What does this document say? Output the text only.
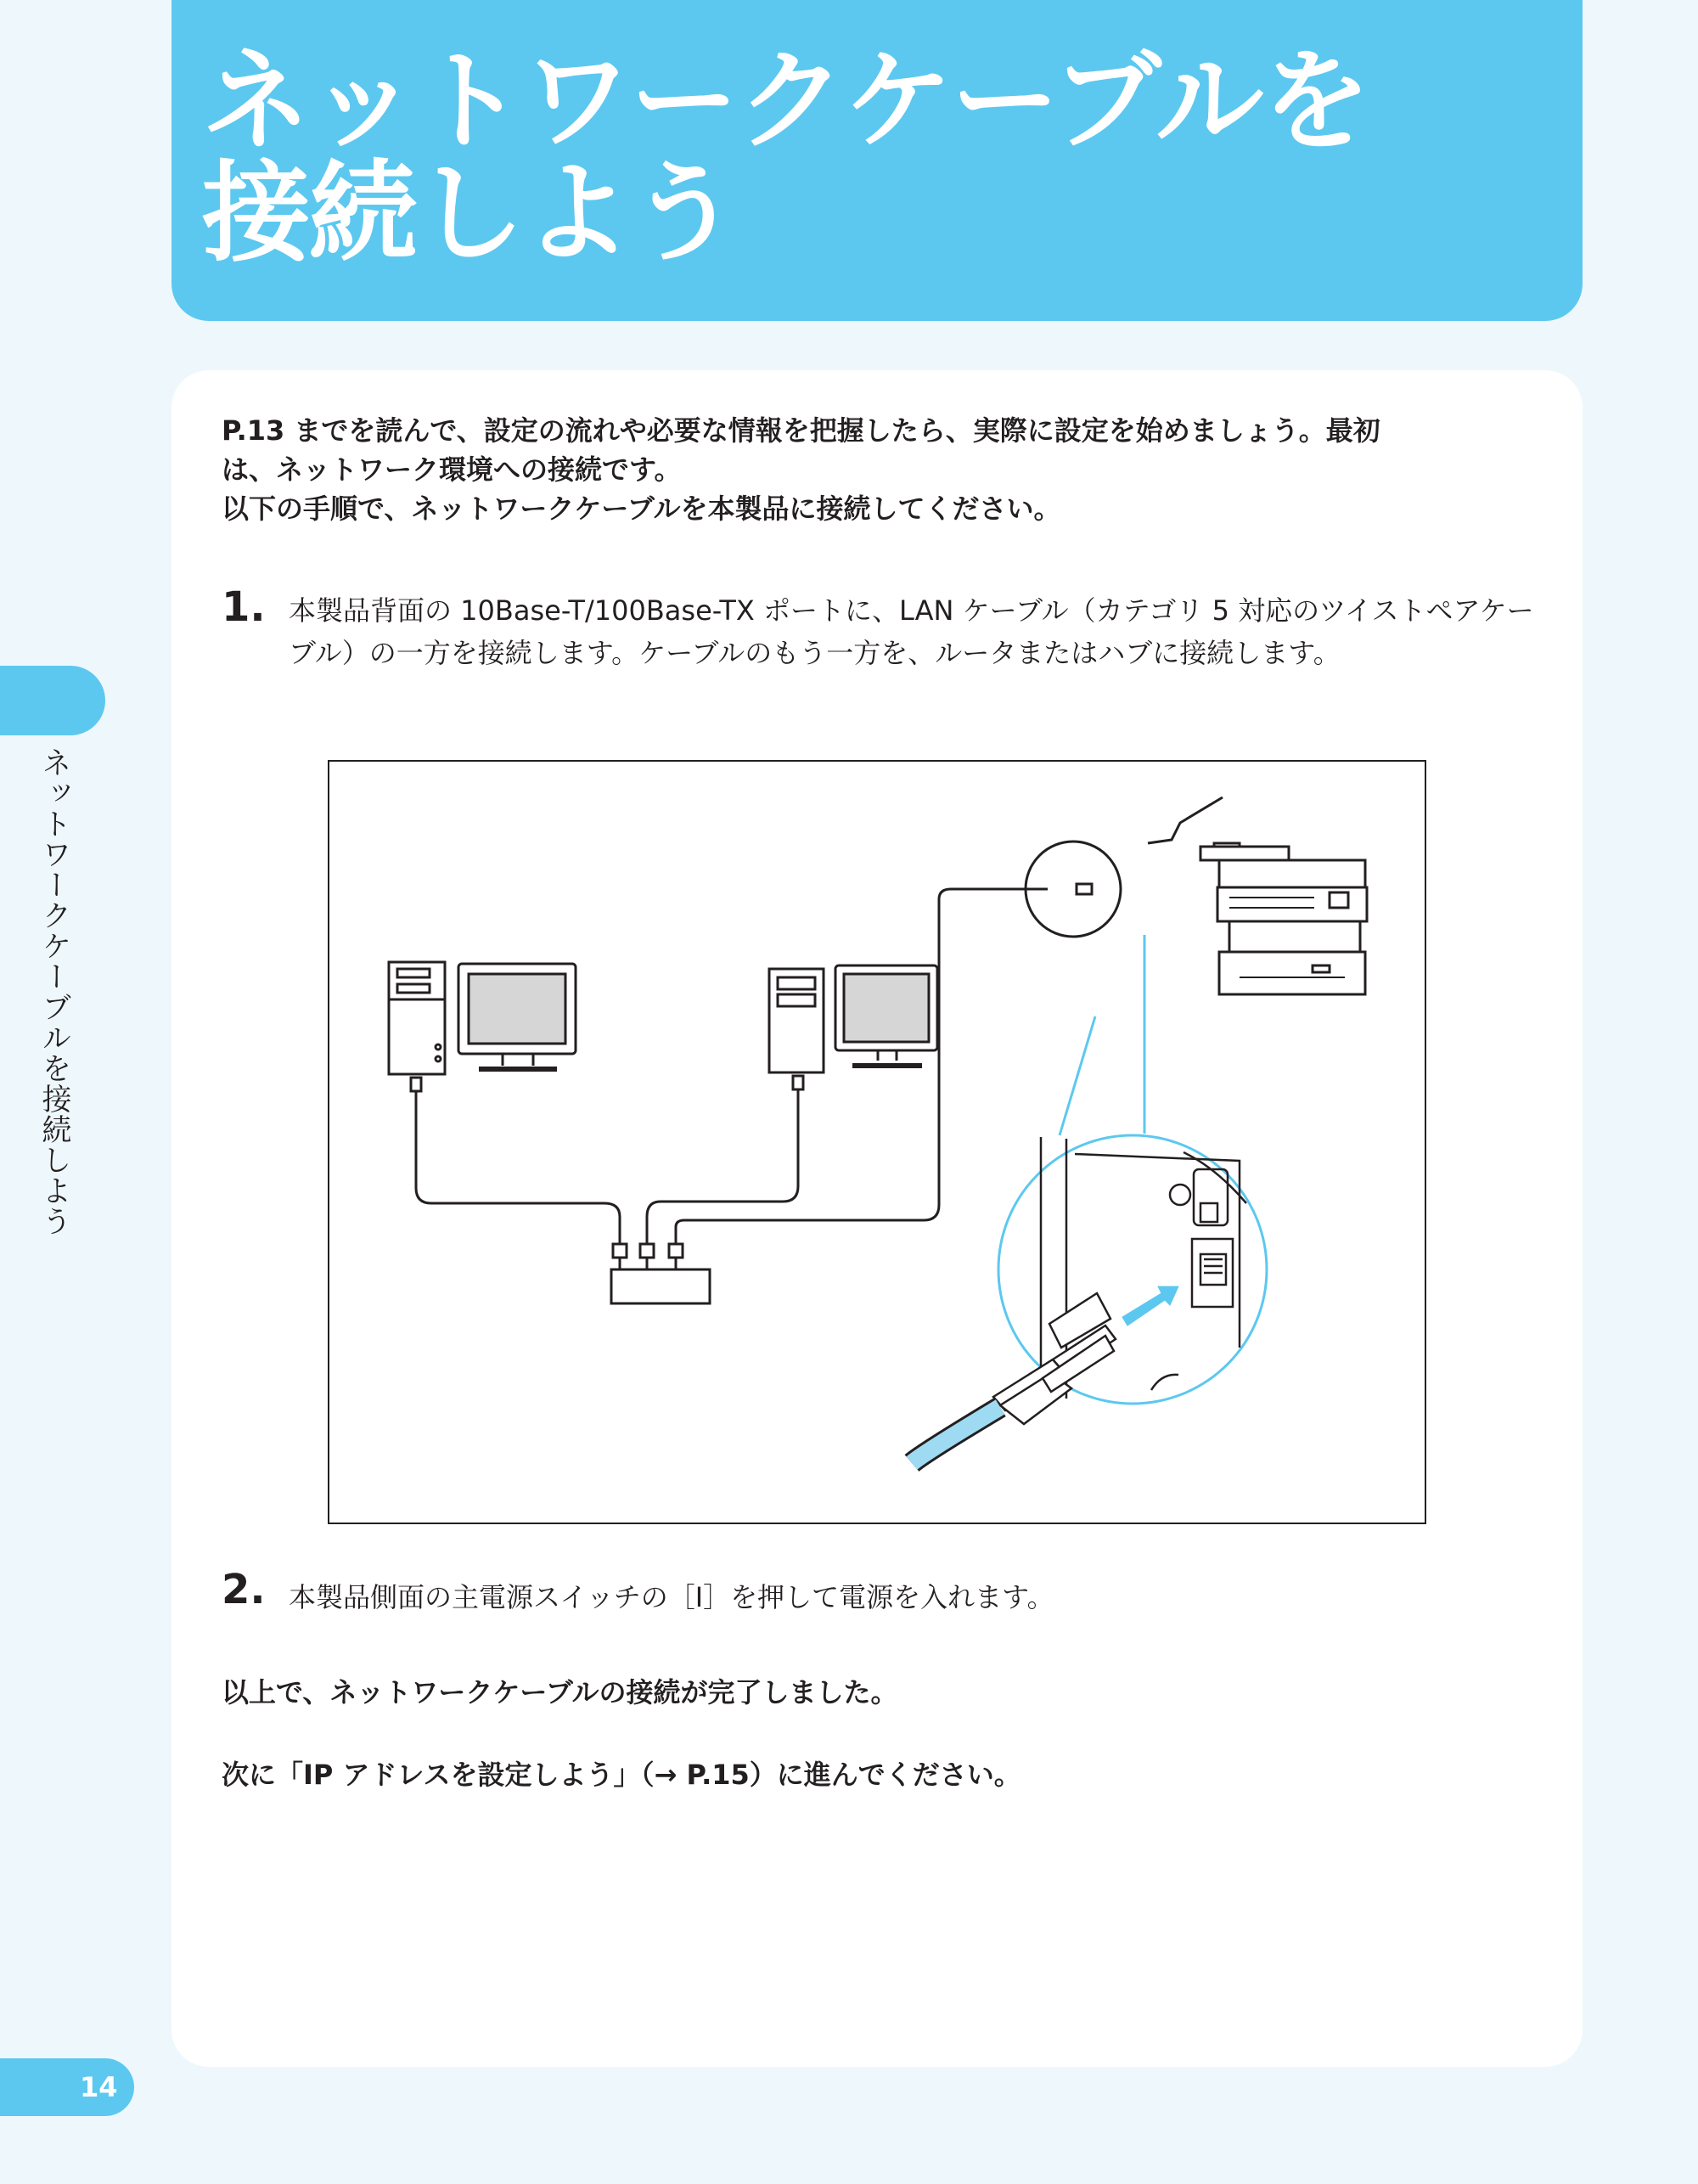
ネットワークケーブルを
接続しよう
ネットワークケーブルを接続しよう
P.13 までを読んで、設定の流れや必要な情報を把握したら、実際に設定を始めましょう。最初
は、ネットワーク環境への接続です。
以下の手順で、ネットワークケーブルを本製品に接続してください。
1. 本製品背面の 10Base-T/100Base-TX ポートに、LAN ケーブル（カテゴリ 5 対応のツイストペアケーブル）の一方を接続します。ケーブルのもう一方を、ルータまたはハブに接続します。

2. 本製品側面の主電源スイッチの［I］を押して電源を入れます。

以上で、ネットワークケーブルの接続が完了しました。

次に「IP アドレスを設定しよう」（→ P.15）に進んでください。

14
